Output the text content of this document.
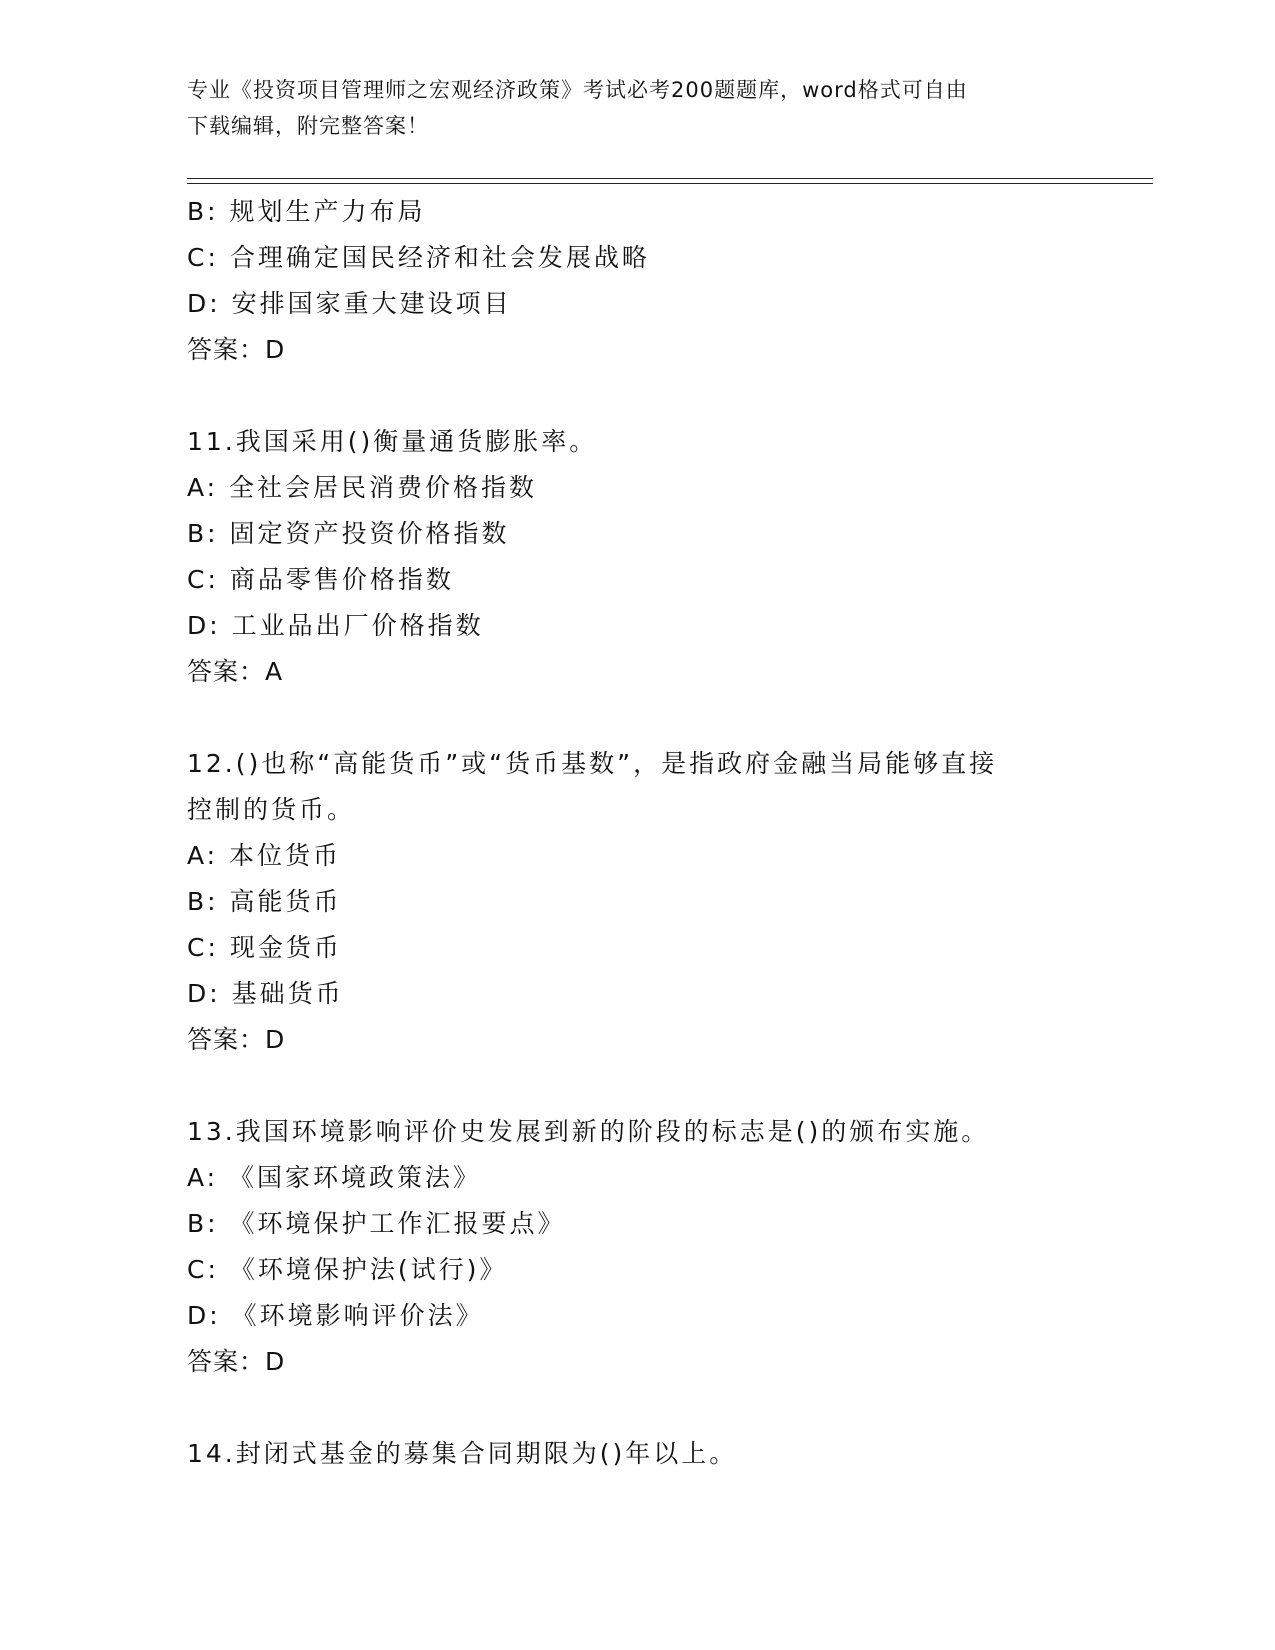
专业《投资项目管理师之宏观经济政策》考试必考200题题库，word格式可自由
下载编辑，附完整答案！
B: 规划生产力布局
C: 合理确定国民经济和社会发展战略
D: 安排国家重大建设项目
答案：D
11.我国采用()衡量通货膨胀率。
A: 全社会居民消费价格指数
B: 固定资产投资价格指数
C: 商品零售价格指数
D: 工业品出厂价格指数
答案：A
12.()也称“高能货币”或“货币基数”，是指政府金融当局能够直接
控制的货币。
A: 本位货币
B: 高能货币
C: 现金货币
D: 基础货币
答案：D
13.我国环境影响评价史发展到新的阶段的标志是()的颁布实施。
A: 《国家环境政策法》
B: 《环境保护工作汇报要点》
C: 《环境保护法(试行)》
D: 《环境影响评价法》
答案：D
14.封闭式基金的募集合同期限为()年以上。
